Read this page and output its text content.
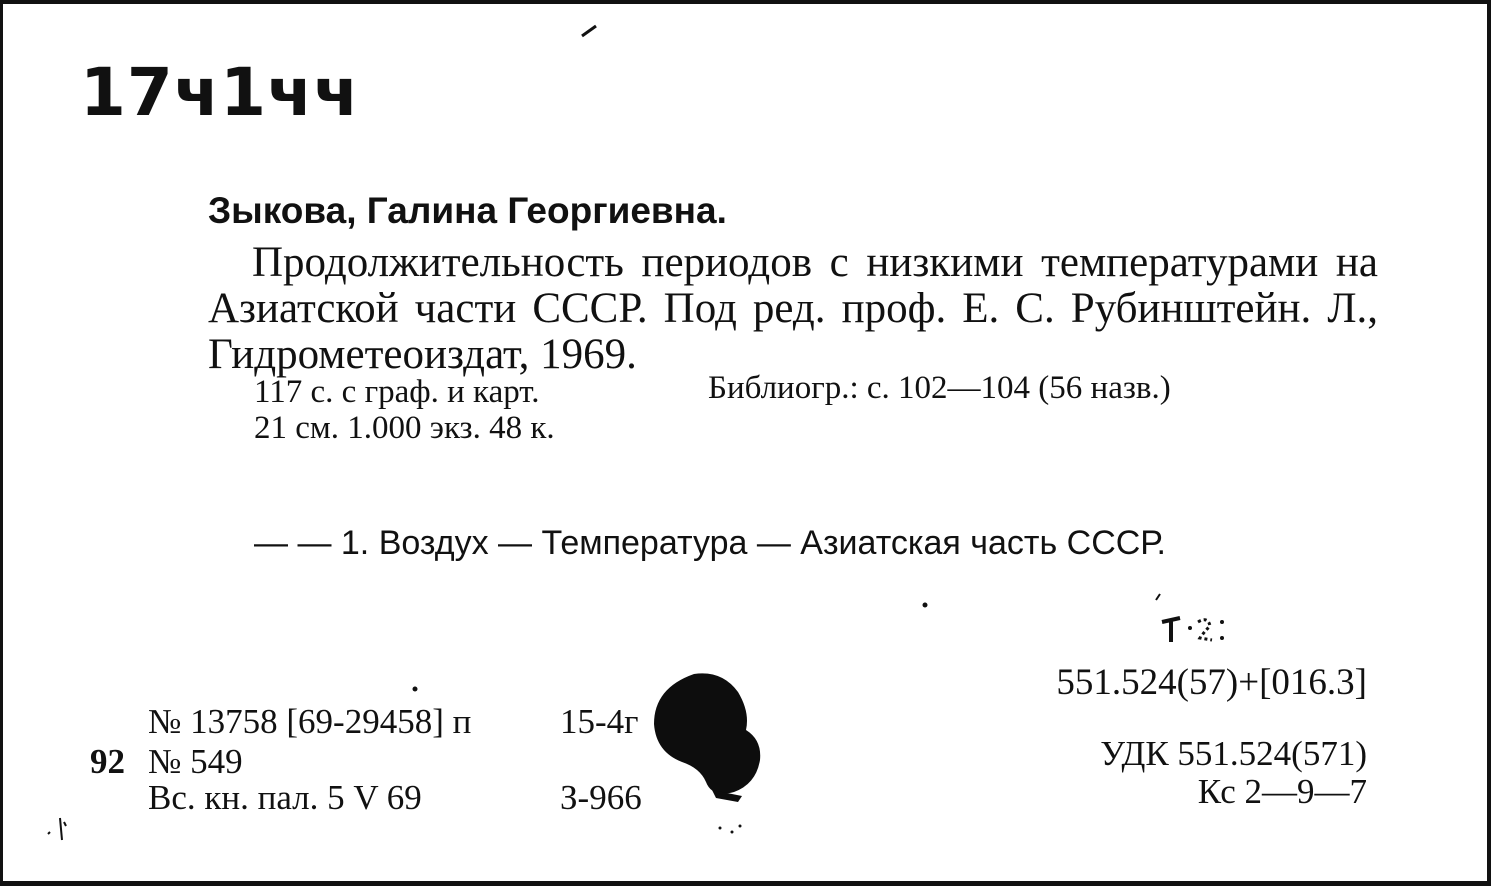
17ч1чч
Зыкова, Галина Георгиевна.
Продолжительность периодов с низкими температурами на Азиатской части СССР. Под ред. проф. Е. С. Рубинштейн. Л., Гидрометеоиздат, 1969.
117 с. с граф. и карт.	Библиогр.: с. 102—104 (56 назв.)
21 см. 1.000 экз. 48 к.
— — 1. Воздух — Температура — Азиатская часть СССР.
551.524(57)+[016.3]
УДК 551.524(571)
Кс 2—9—7
92
№ 13758 [69-29458] п
№ 549
Вс. кн. пал. 5 V 69
15-4г
З-966
